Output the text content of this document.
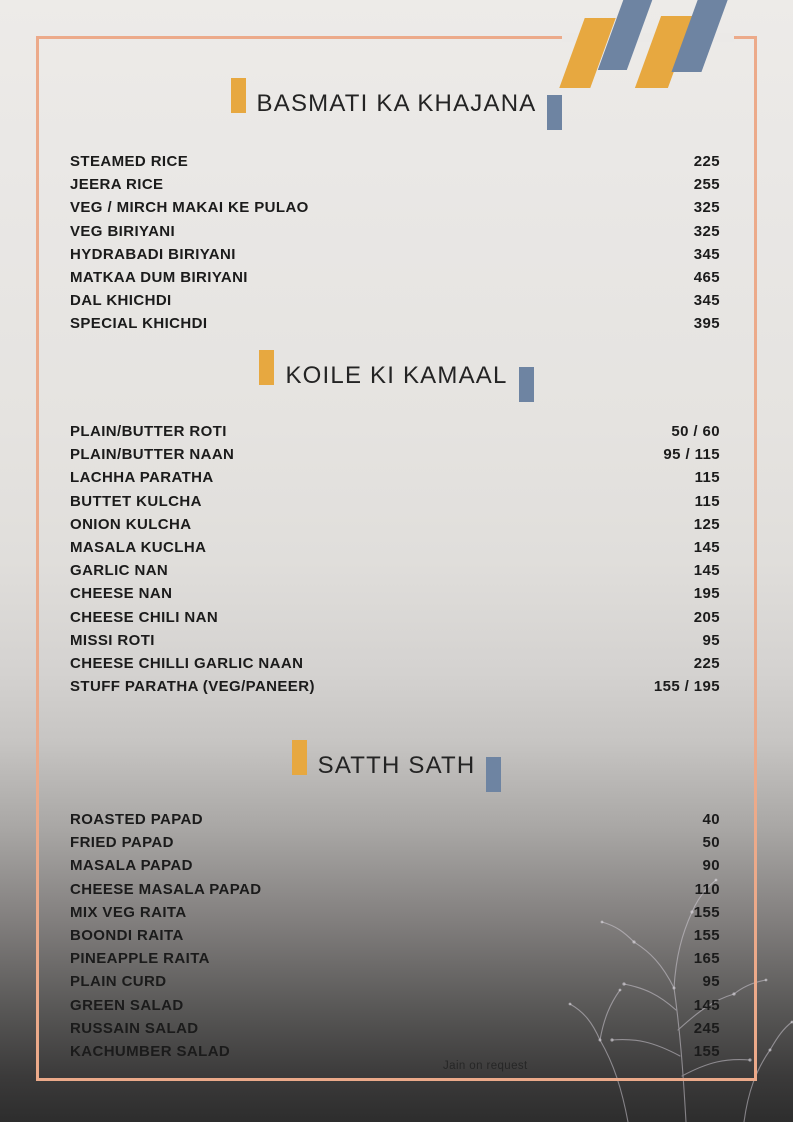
BASMATI KA KHAJANA
KOILE KI KAMAAL
SATTH SATH
STEAMED RICE	225
JEERA RICE	255
VEG / MIRCH MAKAI KE PULAO	325
VEG BIRIYANI	325
HYDRABADI BIRIYANI	345
MATKAA DUM BIRIYANI	465
DAL KHICHDI	345
SPECIAL KHICHDI	395
PLAIN/BUTTER ROTI	50 / 60
PLAIN/BUTTER NAAN	95 / 115
LACHHA PARATHA	115
BUTTET KULCHA	115
ONION KULCHA	125
MASALA KUCLHA	145
GARLIC NAN	145
CHEESE NAN	195
CHEESE CHILI NAN	205
MISSI ROTI	95
CHEESE CHILLI GARLIC NAAN	225
STUFF PARATHA (VEG/PANEER)	155 / 195
ROASTED PAPAD	40
FRIED PAPAD	50
MASALA PAPAD	90
CHEESE MASALA PAPAD	110
MIX VEG RAITA	155
BOONDI RAITA	155
PINEAPPLE RAITA	165
PLAIN CURD	95
GREEN SALAD	145
RUSSAIN SALAD	245
KACHUMBER SALAD	155
Jain on request
